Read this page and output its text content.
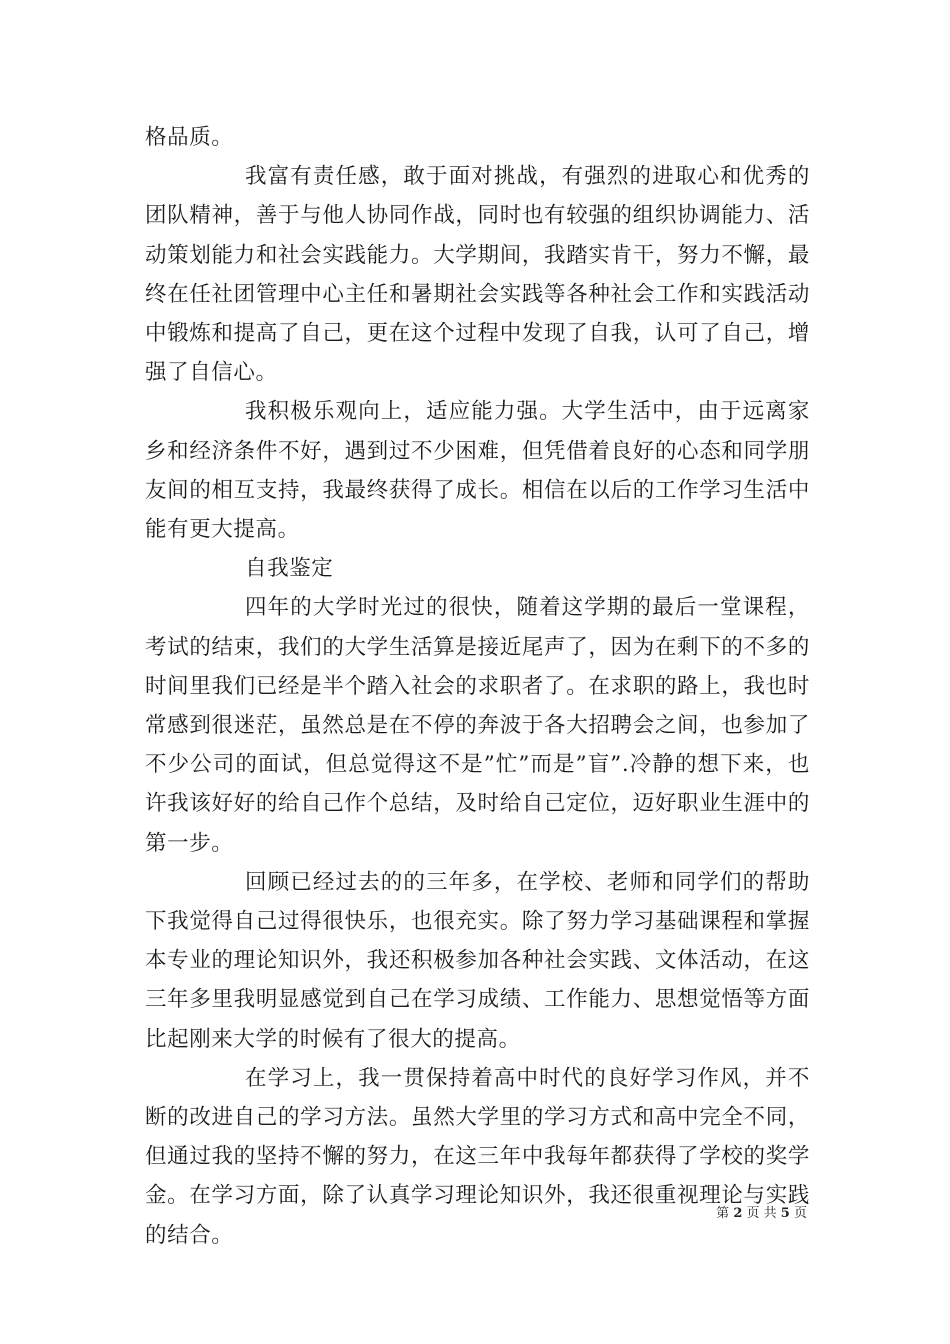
格品质。

我富有责任感，敢于面对挑战，有强烈的进取心和优秀的团队精神，善于与他人协同作战，同时也有较强的组织协调能力、活动策划能力和社会实践能力。大学期间，我踏实肯干，努力不懈，最终在任社团管理中心主任和暑期社会实践等各种社会工作和实践活动中锻炼和提高了自己，更在这个过程中发现了自我，认可了自己，增强了自信心。

我积极乐观向上，适应能力强。大学生活中，由于远离家乡和经济条件不好，遇到过不少困难，但凭借着良好的心态和同学朋友间的相互支持，我最终获得了成长。相信在以后的工作学习生活中能有更大提高。

自我鉴定

四年的大学时光过的很快，随着这学期的最后一堂课程，考试的结束，我们的大学生活算是接近尾声了，因为在剩下的不多的时间里我们已经是半个踏入社会的求职者了。在求职的路上，我也时常感到很迷茫，虽然总是在不停的奔波于各大招聘会之间，也参加了不少公司的面试，但总觉得这不是”忙”而是”盲”.冷静的想下来，也许我该好好的给自己作个总结，及时给自己定位，迈好职业生涯中的第一步。

回顾已经过去的的三年多，在学校、老师和同学们的帮助下我觉得自己过得很快乐，也很充实。除了努力学习基础课程和掌握本专业的理论知识外，我还积极参加各种社会实践、文体活动，在这三年多里我明显感觉到自己在学习成绩、工作能力、思想觉悟等方面比起刚来大学的时候有了很大的提高。

在学习上，我一贯保持着高中时代的良好学习作风，并不断的改进自己的学习方法。虽然大学里的学习方式和高中完全不同，但通过我的坚持不懈的努力，在这三年中我每年都获得了学校的奖学金。在学习方面，除了认真学习理论知识外，我还很重视理论与实践的结合。

第 2 页 共 5 页
